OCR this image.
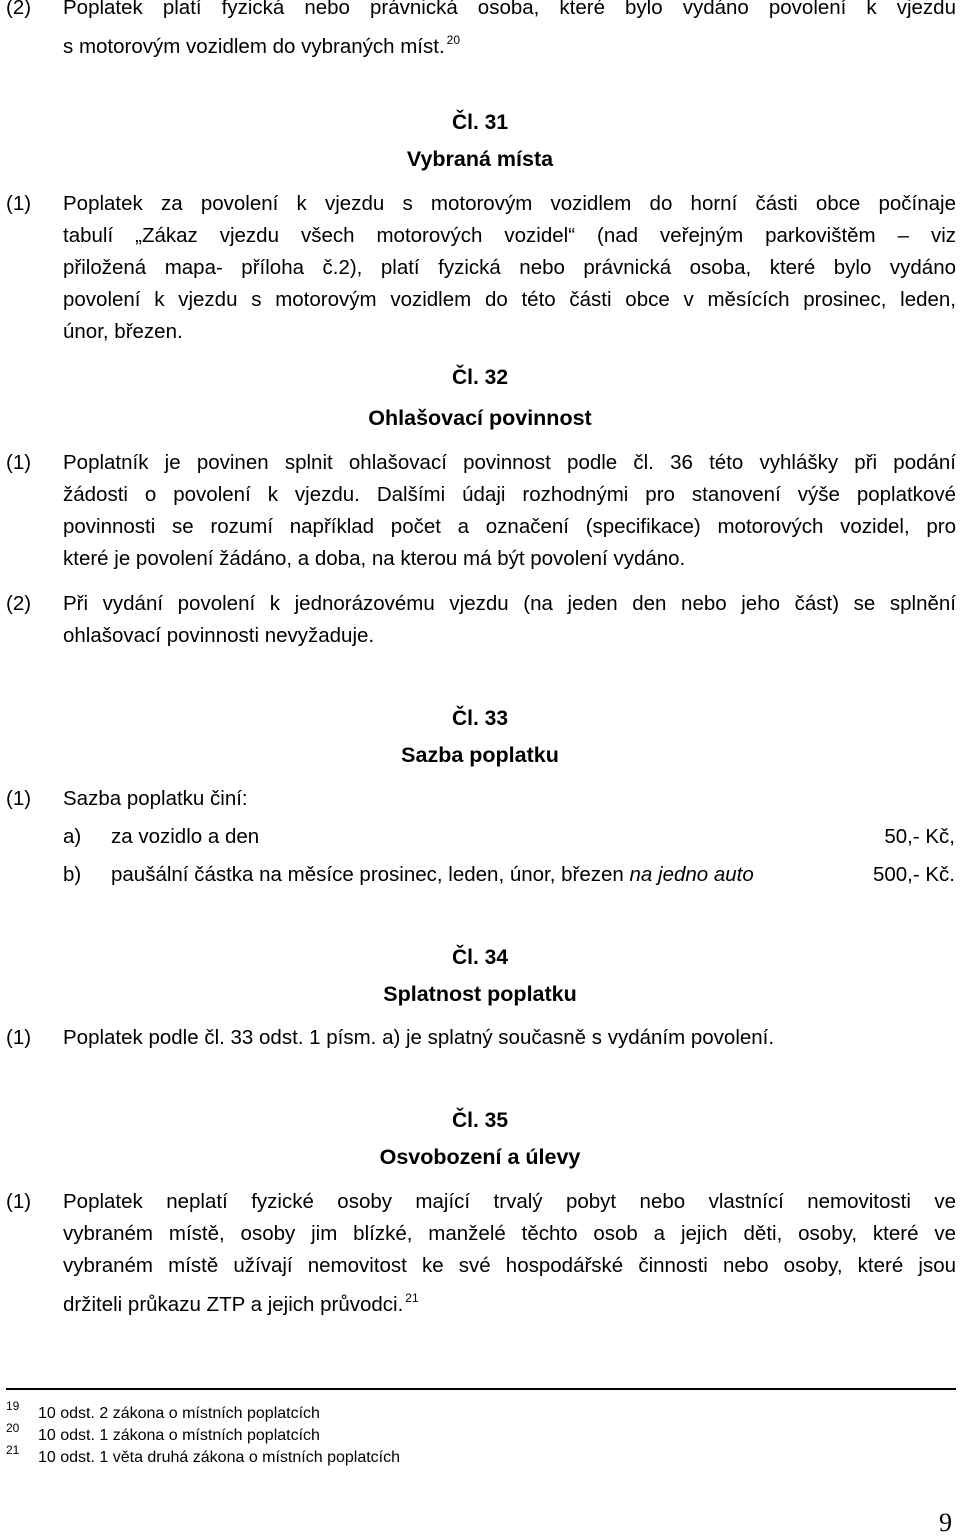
(2) Poplatek platí fyzická nebo právnická osoba, které bylo vydáno povolení k vjezdu
s motorovým vozidlem do vybraných míst. $^{20}$
Čl. 31
Vybraná místa
(1) Poplatek za povolení k vjezdu s motorovým vozidlem do horní části obce počínaje
tabulí „Zákaz vjezdu všech motorových vozidel“ (nad veřejným parkovištěm – viz
přiložená mapa- příloha č.2), platí fyzická nebo právnická osoba, které bylo vydáno
povolení k vjezdu s motorovým vozidlem do této části obce v měsících prosinec, leden,
únor, březen.
Čl. 32
Ohlašovací povinnost
(1) Poplatník je povinen splnit ohlašovací povinnost podle čl. 36 této vyhlášky při podání
žádosti o povolení k vjezdu. Dalšími údaji rozhodnými pro stanovení výše poplatkové
povinnosti se rozumí například počet a označení (specifikace) motorových vozidel, pro
které je povolení žádáno, a doba, na kterou má být povolení vydáno.
(2) Při vydání povolení k jednorázovému vjezdu (na jeden den nebo jeho část) se splnění
ohlašovací povinnosti nevyžaduje.
Čl. 33
Sazba poplatku
(1) Sazba poplatku činí:
a) za vozidlo a den	50,- Kč,
b) paušální částka na měsíce prosinec, leden, únor, březen na jedno auto	500,- Kč.
Čl. 34
Splatnost poplatku
(1) Poplatek podle čl. 33 odst. 1 písm. a) je splatný současně s vydáním povolení.
Čl. 35
Osvobození a úlevy
(1) Poplatek neplatí fyzické osoby mající trvalý pobyt nebo vlastnící nemovitosti ve
vybraném místě, osoby jim blízké, manželé těchto osob a jejich děti, osoby, které ve
vybraném místě užívají nemovitost ke své hospodářské činnosti nebo osoby, které jsou
držiteli průkazu ZTP a jejich průvodci. $^{21}$
19 10 odst. 2 zákona o místních poplatcích
20 10 odst. 1 zákona o místních poplatcích
21 10 odst. 1 věta druhá zákona o místních poplatcích
9
